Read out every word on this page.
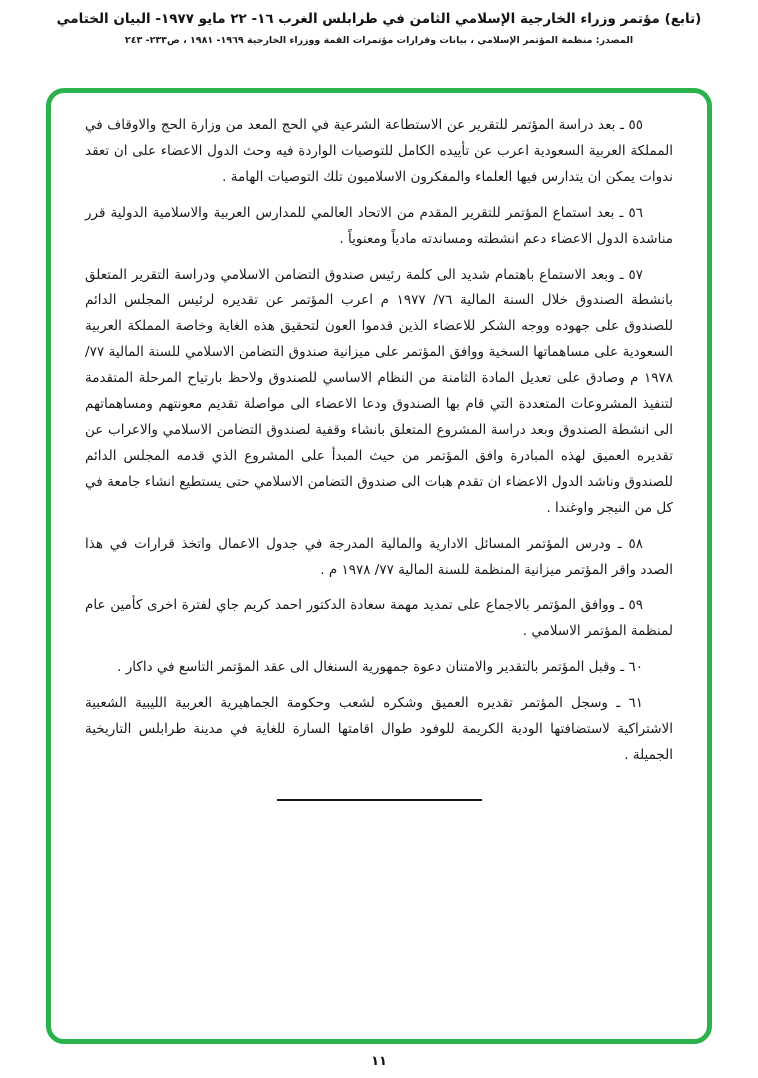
(تابع) مؤتمر وزراء الخارجية الإسلامي الثامن في طرابلس الغرب ١٦- ٢٢ مايو ١٩٧٧- البيان الختامي
المصدر: منظمة المؤتمر الإسلامي ، بيانات وقرارات مؤتمرات القمة ووزراء الخارجية ١٩٦٩- ١٩٨١ ، ص٢٣٣- ٢٤٣

٥٥ ـ بعد دراسة المؤتمر للتقرير عن الاستطاعة الشرعية في الحج المعد من وزارة الحج والاوقاف في المملكة العربية السعودية اعرب عن تأييده الكامل للتوصيات الواردة فيه وحث الدول الاعضاء على ان تعقد ندوات يمكن ان يتدارس فيها العلماء والمفكرون الاسلاميون تلك التوصيات الهامة .

٥٦ ـ بعد استماع المؤتمر للتقرير المقدم من الاتحاد العالمي للمدارس العربية والاسلامية الدولية قرر مناشدة الدول الاعضاء دعم انشطته ومساندته مادياً ومعنوياً .

٥٧ ـ وبعد الاستماع باهتمام شديد الى كلمة رئيس صندوق التضامن الاسلامي ودراسة التقرير المتعلق بانشطة الصندوق خلال السنة المالية ٧٦/ ١٩٧٧ م اعرب المؤتمر عن تقديره لرئيس المجلس الدائم للصندوق على جهوده ووجه الشكر للاعضاء الذين قدموا العون لتحقيق هذه الغاية وخاصة المملكة العربية السعودية على مساهماتها السخية ووافق المؤتمر على ميزانية صندوق التضامن الاسلامي للسنة المالية ٧٧/ ١٩٧٨ م وصادق على تعديل المادة الثامنة من النظام الاساسي للصندوق ولاحظ بارتياح المرحلة المتقدمة لتنفيذ المشروعات المتعددة التي قام بها الصندوق ودعا الاعضاء الى مواصلة تقديم معونتهم ومساهماتهم الى انشطة الصندوق وبعد دراسة المشروع المتعلق بانشاء وقفية لصندوق التضامن الاسلامي والاعراب عن تقديره العميق لهذه المبادرة وافق المؤتمر من حيث المبدأ على المشروع الذي قدمه المجلس الدائم للصندوق وناشد الدول الاعضاء ان تقدم هبات الى صندوق التضامن الاسلامي حتى يستطيع انشاء جامعة في كل من النيجر واوغندا .

٥٨ ـ ودرس المؤتمر المسائل الادارية والمالية المدرجة في جدول الاعمال واتخذ قرارات في هذا الصدد واقر المؤتمر ميزانية المنظمة للسنة المالية ٧٧/ ١٩٧٨ م .

٥٩ ـ ووافق المؤتمر بالاجماع على تمديد مهمة سعادة الدكتور احمد كريم جاي لفترة اخرى كأمين عام لمنظمة المؤتمر الاسلامي .

٦٠ ـ وقبل المؤتمر بالتقدير والامتنان دعوة جمهورية السنغال الى عقد المؤتمر التاسع في داكار .

٦١ ـ وسجل المؤتمر تقديره العميق وشكره لشعب وحكومة الجماهيرية العربية الليبية الشعبية الاشتراكية لاستضافتها الودية الكريمة للوفود طوال اقامتها السارة للغاية في مدينة طرابلس التاريخية الجميلة .

١١
